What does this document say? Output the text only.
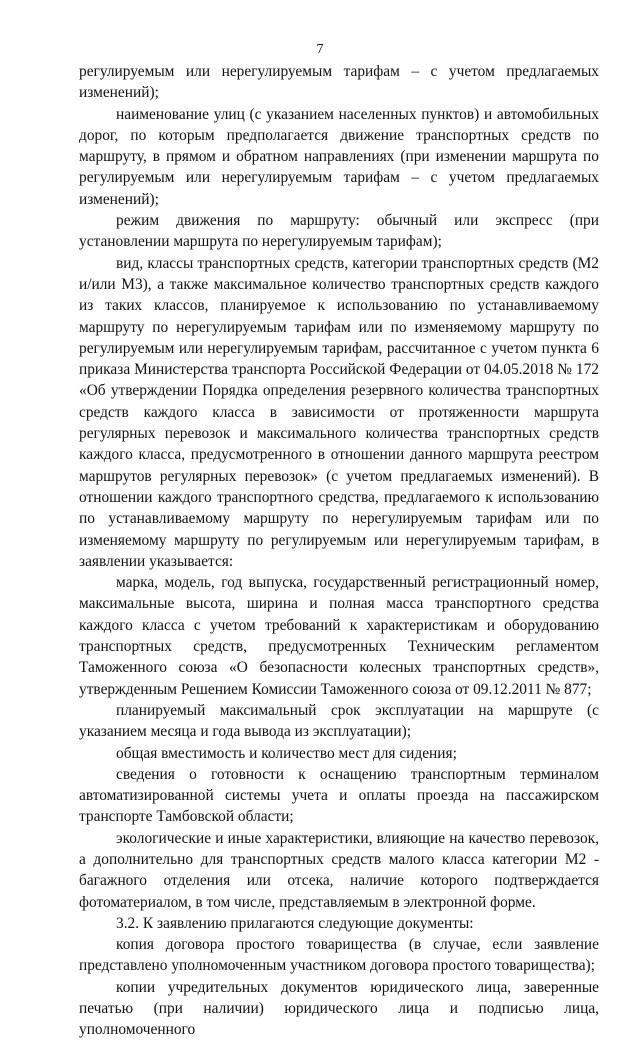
7

регулируемым или нерегулируемым тарифам – с учетом предлагаемых изменений);

наименование улиц (с указанием населенных пунктов) и автомобильных дорог, по которым предполагается движение транспортных средств по маршруту, в прямом и обратном направлениях (при изменении маршрута по регулируемым или нерегулируемым тарифам – с учетом предлагаемых изменений);

режим движения по маршруту: обычный или экспресс (при установлении маршрута по нерегулируемым тарифам);

вид, классы транспортных средств, категории транспортных средств (М2 и/или М3), а также максимальное количество транспортных средств каждого из таких классов, планируемое к использованию по устанавливаемому маршруту по нерегулируемым тарифам или по изменяемому маршруту по регулируемым или нерегулируемым тарифам, рассчитанное с учетом пункта 6 приказа Министерства транспорта Российской Федерации от 04.05.2018 № 172 «Об утверждении Порядка определения резервного количества транспортных средств каждого класса в зависимости от протяженности маршрута регулярных перевозок и максимального количества транспортных средств каждого класса, предусмотренного в отношении данного маршрута реестром маршрутов регулярных перевозок» (с учетом предлагаемых изменений). В отношении каждого транспортного средства, предлагаемого к использованию по устанавливаемому маршруту по нерегулируемым тарифам или по изменяемому маршруту по регулируемым или нерегулируемым тарифам, в заявлении указывается:

марка, модель, год выпуска, государственный регистрационный номер, максимальные высота, ширина и полная масса транспортного средства каждого класса с учетом требований к характеристикам и оборудованию транспортных средств, предусмотренных Техническим регламентом Таможенного союза «О безопасности колесных транспортных средств», утвержденным Решением Комиссии Таможенного союза от 09.12.2011 № 877;

планируемый максимальный срок эксплуатации на маршруте (с указанием месяца и года вывода из эксплуатации);

общая вместимость и количество мест для сидения;

сведения о готовности к оснащению транспортным терминалом автоматизированной системы учета и оплаты проезда на пассажирском транспорте Тамбовской области;

экологические и иные характеристики, влияющие на качество перевозок, а дополнительно для транспортных средств малого класса категории М2 - багажного отделения или отсека, наличие которого подтверждается фотоматериалом, в том числе, представляемым в электронной форме.

3.2. К заявлению прилагаются следующие документы:

копия договора простого товарищества (в случае, если заявление представлено уполномоченным участником договора простого товарищества);

копии учредительных документов юридического лица, заверенные печатью (при наличии) юридического лица и подписью лица, уполномоченного
